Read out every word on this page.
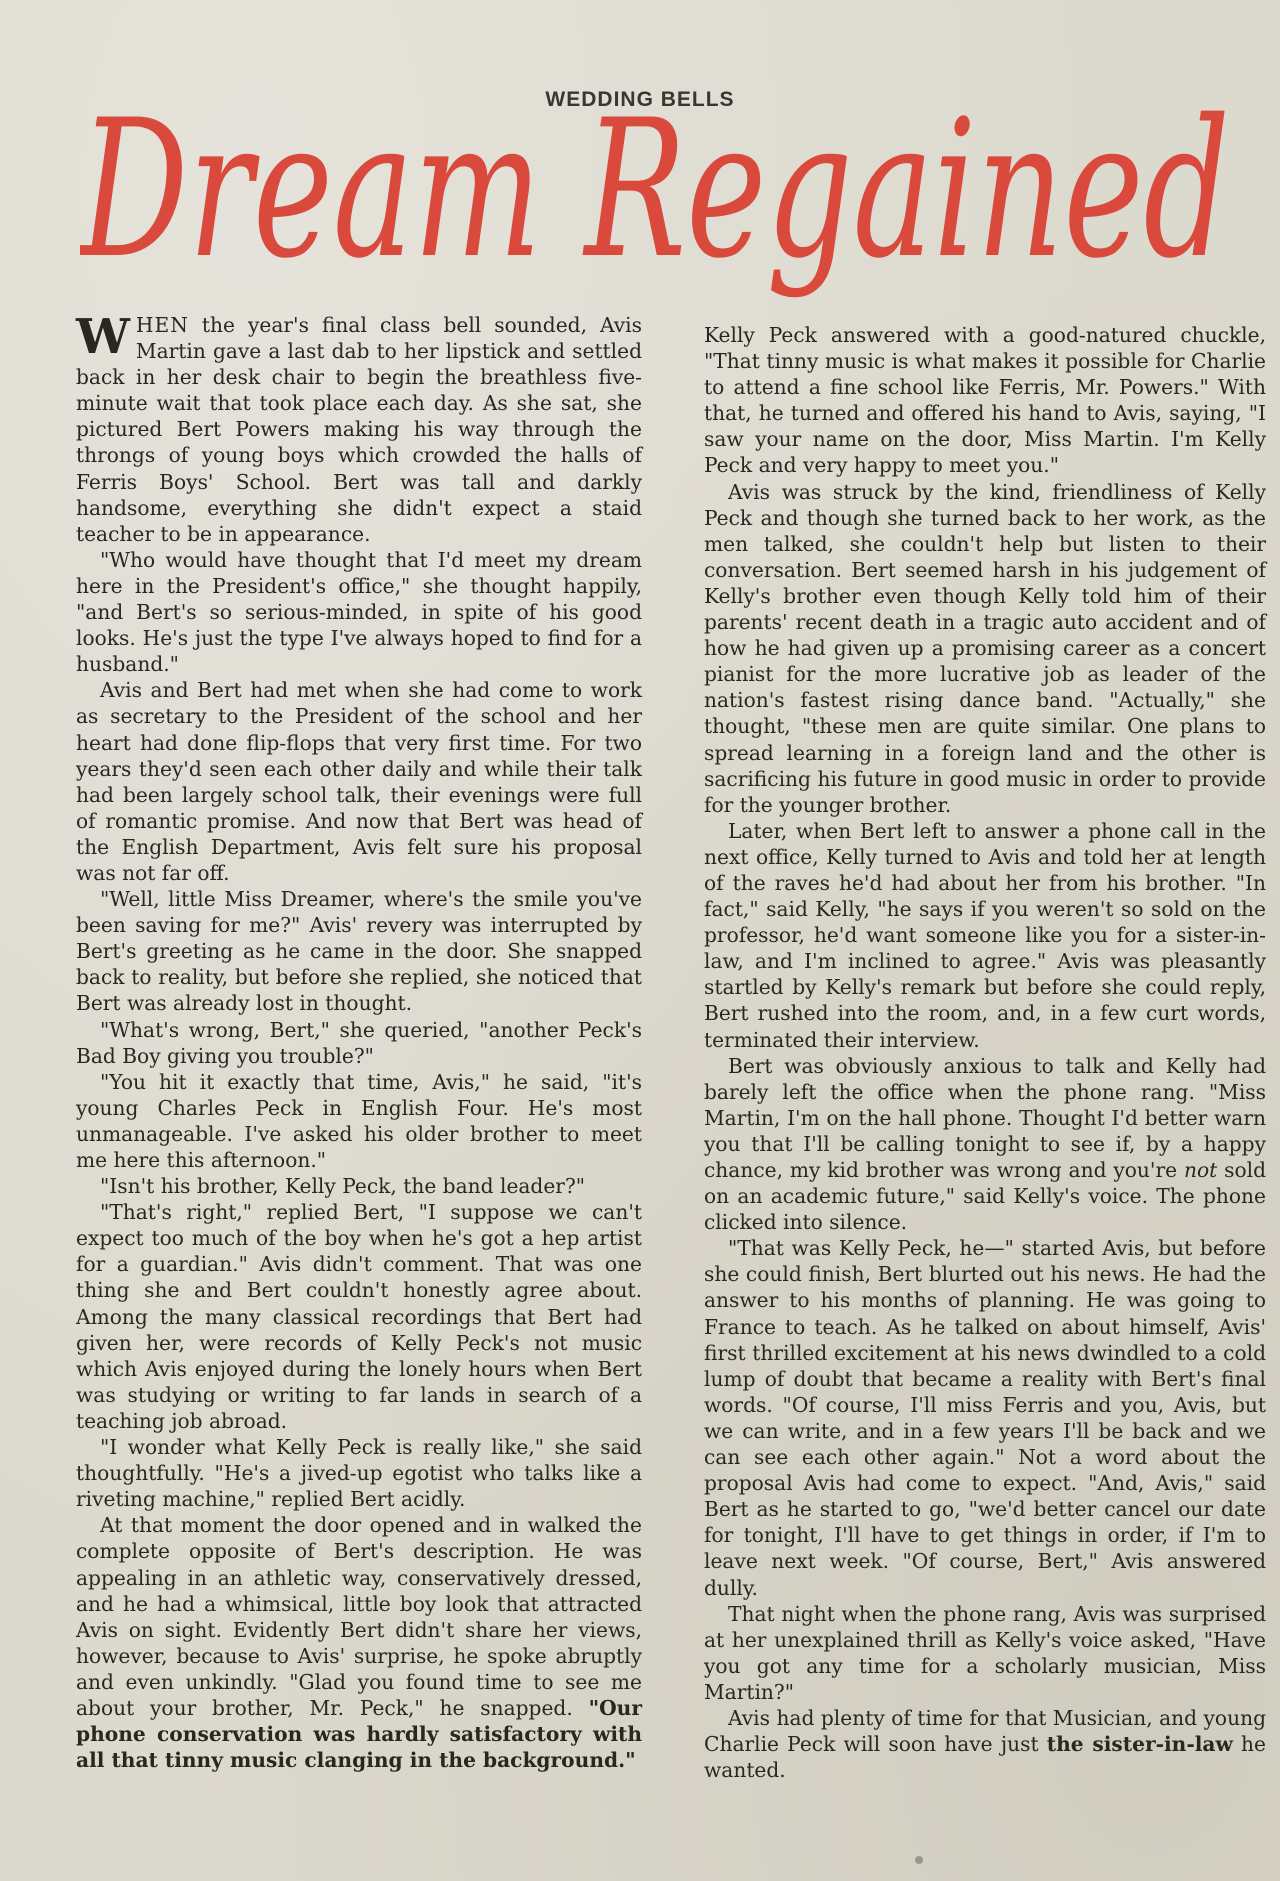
WEDDING BELLS
Dream Regained

WHEN the year's final class bell sounded, Avis Martin gave a last dab to her lipstick and settled back in her desk chair to begin the breathless five-minute wait that took place each day. As she sat, she pictured Bert Powers making his way through the throngs of young boys which crowded the halls of Ferris Boys' School. Bert was tall and darkly handsome, everything she didn't expect a staid teacher to be in appearance.

"Who would have thought that I'd meet my dream here in the President's office," she thought happily, "and Bert's so serious-minded, in spite of his good looks. He's just the type I've always hoped to find for a husband."

Avis and Bert had met when she had come to work as secretary to the President of the school and her heart had done flip-flops that very first time. For two years they'd seen each other daily and while their talk had been largely school talk, their evenings were full of romantic promise. And now that Bert was head of the English Department, Avis felt sure his proposal was not far off.

"Well, little Miss Dreamer, where's the smile you've been saving for me?" Avis' revery was interrupted by Bert's greeting as he came in the door. She snapped back to reality, but before she replied, she noticed that Bert was already lost in thought.

"What's wrong, Bert," she queried, "another Peck's Bad Boy giving you trouble?"

"You hit it exactly that time, Avis," he said, "it's young Charles Peck in English Four. He's most unmanageable. I've asked his older brother to meet me here this afternoon."

"Isn't his brother, Kelly Peck, the band leader?"

"That's right," replied Bert, "I suppose we can't expect too much of the boy when he's got a hep artist for a guardian." Avis didn't comment. That was one thing she and Bert couldn't honestly agree about. Among the many classical recordings that Bert had given her, were records of Kelly Peck's not music which Avis enjoyed during the lonely hours when Bert was studying or writing to far lands in search of a teaching job abroad.

"I wonder what Kelly Peck is really like," she said thoughtfully. "He's a jived-up egotist who talks like a riveting machine," replied Bert acidly.

At that moment the door opened and in walked the complete opposite of Bert's description. He was appealing in an athletic way, conservatively dressed, and he had a whimsical, little boy look that attracted Avis on sight. Evidently Bert didn't share her views, however, because to Avis' surprise, he spoke abruptly and even unkindly. "Glad you found time to see me about your brother, Mr. Peck," he snapped. "Our phone conservation was hardly satisfactory with all that tinny music clanging in the background."

Kelly Peck answered with a good-natured chuckle, "That tinny music is what makes it possible for Charlie to attend a fine school like Ferris, Mr. Powers." With that, he turned and offered his hand to Avis, saying, "I saw your name on the door, Miss Martin. I'm Kelly Peck and very happy to meet you."

Avis was struck by the kind, friendliness of Kelly Peck and though she turned back to her work, as the men talked, she couldn't help but listen to their conversation. Bert seemed harsh in his judgement of Kelly's brother even though Kelly told him of their parents' recent death in a tragic auto accident and of how he had given up a promising career as a concert pianist for the more lucrative job as leader of the nation's fastest rising dance band. "Actually," she thought, "these men are quite similar. One plans to spread learning in a foreign land and the other is sacrificing his future in good music in order to provide for the younger brother.

Later, when Bert left to answer a phone call in the next office, Kelly turned to Avis and told her at length of the raves he'd had about her from his brother. "In fact," said Kelly, "he says if you weren't so sold on the professor, he'd want someone like you for a sister-in-law, and I'm inclined to agree." Avis was pleasantly startled by Kelly's remark but before she could reply, Bert rushed into the room, and, in a few curt words, terminated their interview.

Bert was obviously anxious to talk and Kelly had barely left the office when the phone rang. "Miss Martin, I'm on the hall phone. Thought I'd better warn you that I'll be calling tonight to see if, by a happy chance, my kid brother was wrong and you're not sold on an academic future," said Kelly's voice. The phone clicked into silence.

"That was Kelly Peck, he—" started Avis, but before she could finish, Bert blurted out his news. He had the answer to his months of planning. He was going to France to teach. As he talked on about himself, Avis' first thrilled excitement at his news dwindled to a cold lump of doubt that became a reality with Bert's final words. "Of course, I'll miss Ferris and you, Avis, but we can write, and in a few years I'll be back and we can see each other again." Not a word about the proposal Avis had come to expect. "And, Avis," said Bert as he started to go, "we'd better cancel our date for tonight, I'll have to get things in order, if I'm to leave next week. "Of course, Bert," Avis answered dully.

That night when the phone rang, Avis was surprised at her unexplained thrill as Kelly's voice asked, "Have you got any time for a scholarly musician, Miss Martin?"

Avis had plenty of time for that Musician, and young Charlie Peck will soon have just the sister-in-law he wanted.
